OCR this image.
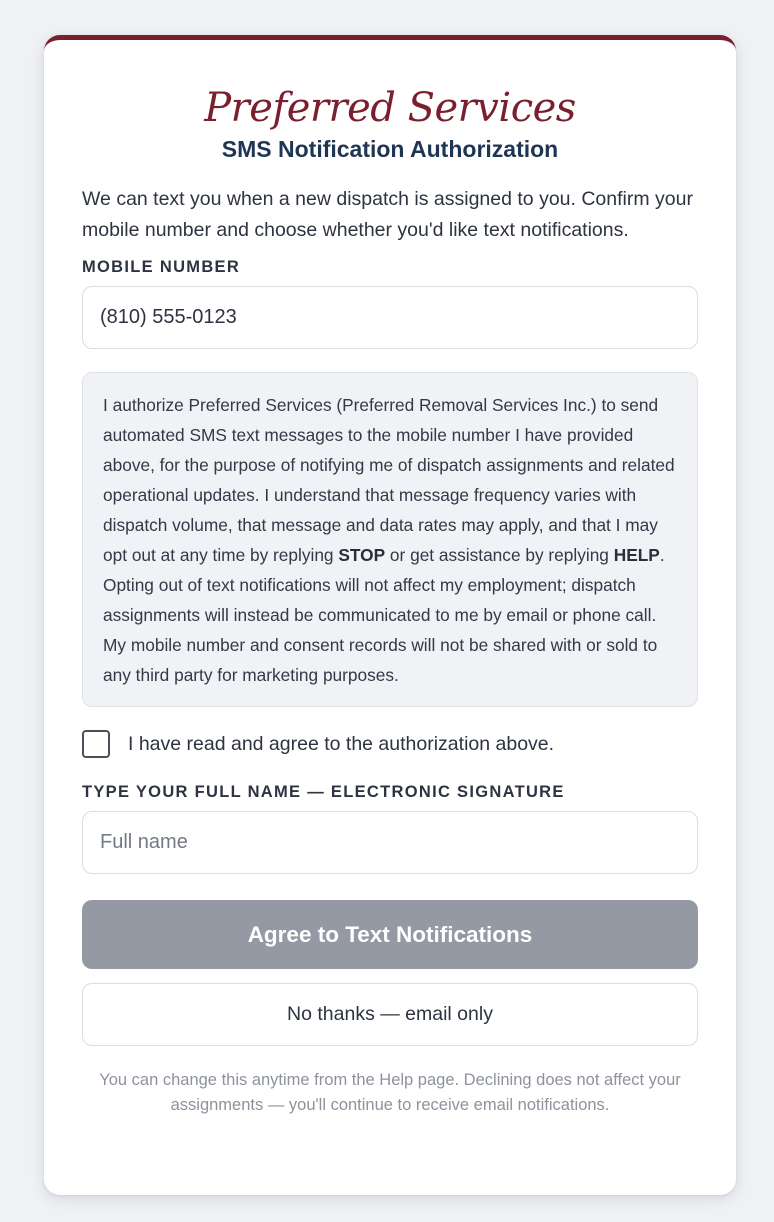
Preferred Services
SMS Notification Authorization
We can text you when a new dispatch is assigned to you. Confirm your mobile number and choose whether you'd like text notifications.
MOBILE NUMBER
(810) 555-0123
I authorize Preferred Services (Preferred Removal Services Inc.) to send automated SMS text messages to the mobile number I have provided above, for the purpose of notifying me of dispatch assignments and related operational updates. I understand that message frequency varies with dispatch volume, that message and data rates may apply, and that I may opt out at any time by replying STOP or get assistance by replying HELP. Opting out of text notifications will not affect my employment; dispatch assignments will instead be communicated to me by email or phone call. My mobile number and consent records will not be shared with or sold to any third party for marketing purposes.
I have read and agree to the authorization above.
TYPE YOUR FULL NAME — ELECTRONIC SIGNATURE
Full name
Agree to Text Notifications
No thanks — email only
You can change this anytime from the Help page. Declining does not affect your assignments — you'll continue to receive email notifications.
